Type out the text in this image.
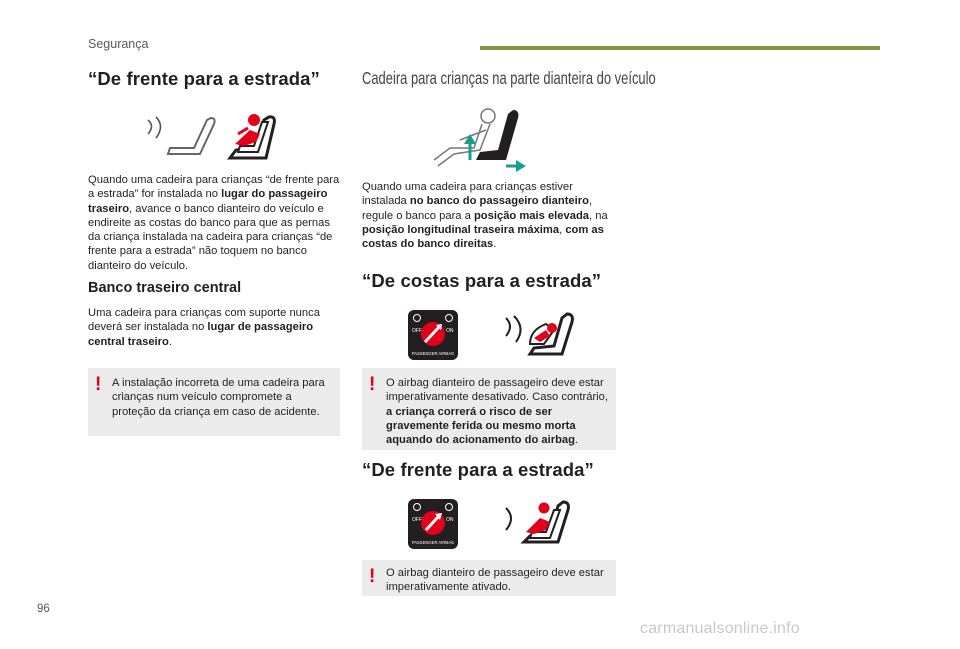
Segurança
“De frente para a estrada”
Quando uma cadeira para crianças “de frente para a estrada” for instalada no lugar do passageiro traseiro, avance o banco dianteiro do veículo e endireite as costas do banco para que as pernas da criança instalada na cadeira para crianças “de frente para a estrada” não toquem no banco dianteiro do veículo.
Banco traseiro central
Uma cadeira para crianças com suporte nunca deverá ser instalada no lugar de passageiro central traseiro.
! A instalação incorreta de uma cadeira para crianças num veículo compromete a proteção da criança em caso de acidente.
Cadeira para crianças na parte dianteira do veículo
Quando uma cadeira para crianças estiver instalada no banco do passageiro dianteiro, regule o banco para a posição mais elevada, na posição longitudinal traseira máxima, com as costas do banco direitas.
“De costas para a estrada”
OFF	ON
PASSENGER AIRBAG
! O airbag dianteiro de passageiro deve estar imperativamente desativado. Caso contrário, a criança correrá o risco de ser gravemente ferida ou mesmo morta aquando do acionamento do airbag.
“De frente para a estrada”
OFF	ON
PASSENGER AIRBAG
! O airbag dianteiro de passageiro deve estar imperativamente ativado.
96
carmanualsonline.info
